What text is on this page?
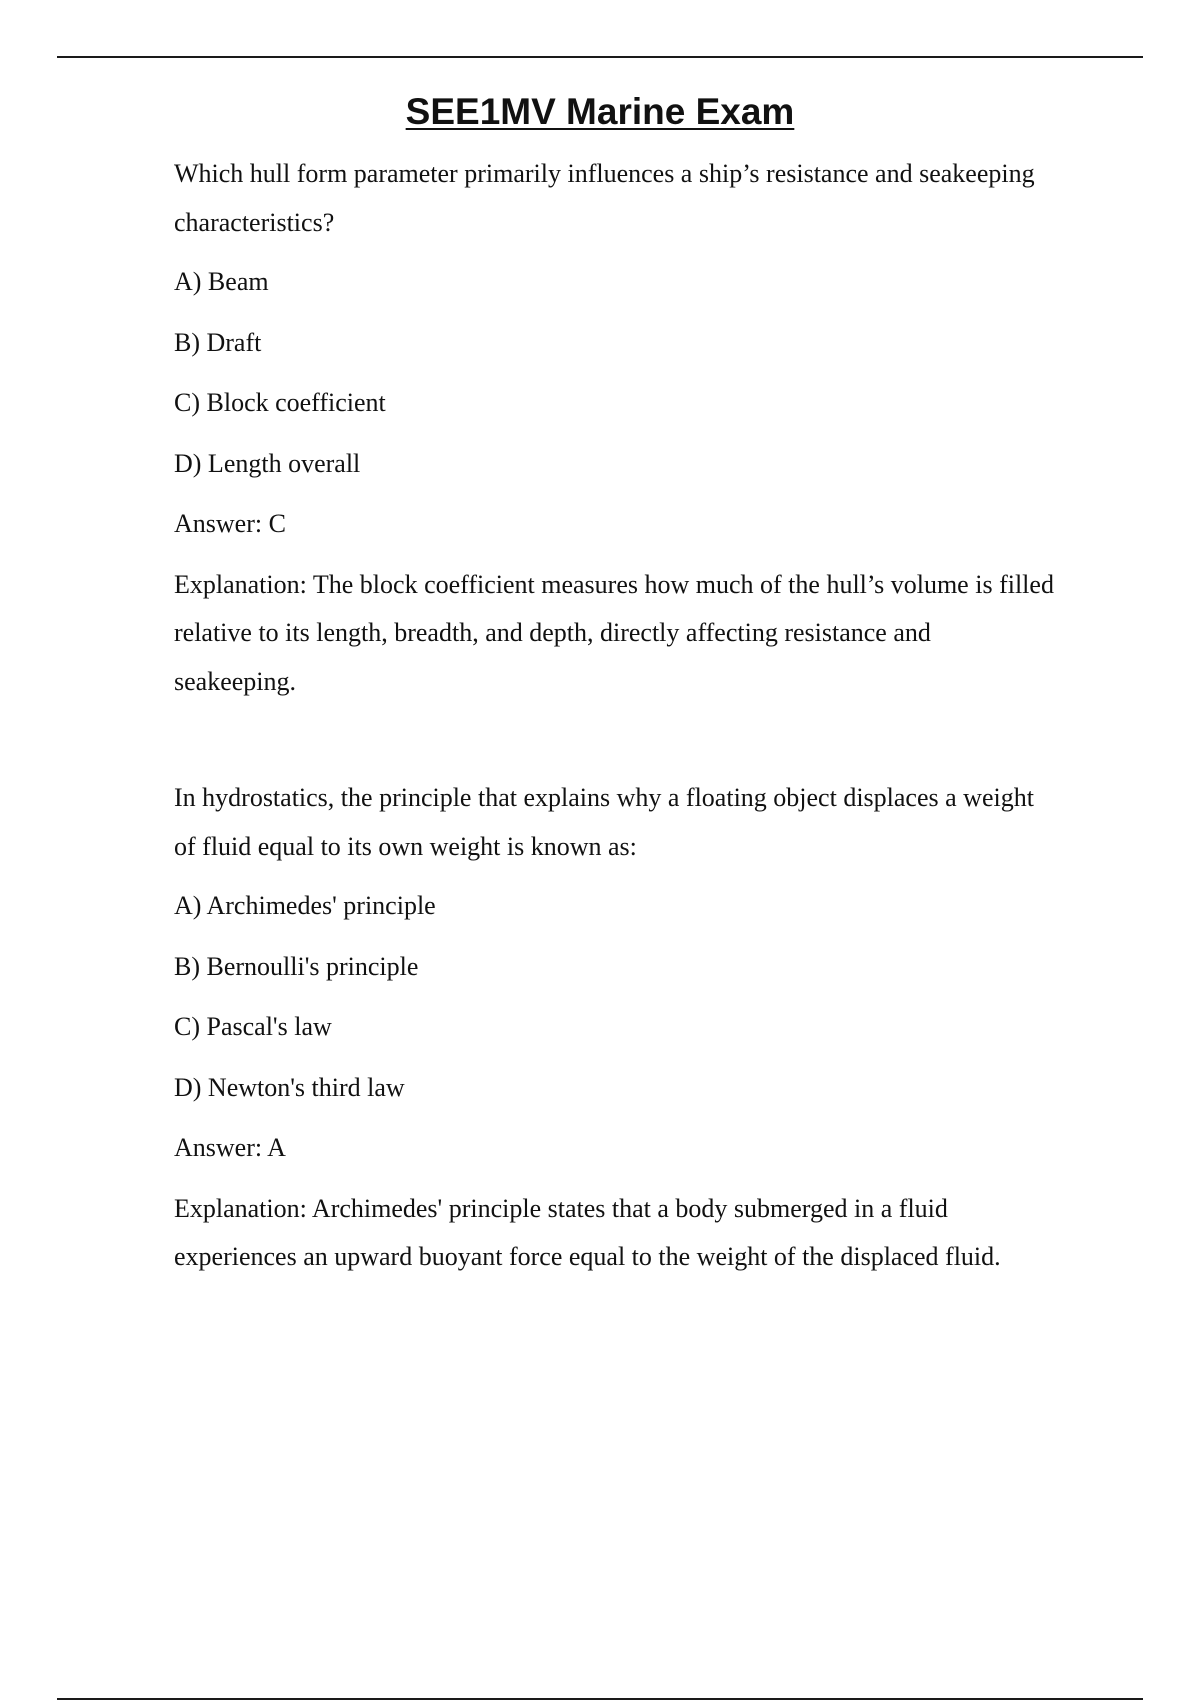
SEE1MV Marine Exam

Which hull form parameter primarily influences a ship’s resistance and seakeeping characteristics?

A) Beam

B) Draft

C) Block coefficient

D) Length overall

Answer: C

Explanation: The block coefficient measures how much of the hull’s volume is filled relative to its length, breadth, and depth, directly affecting resistance and seakeeping.

In hydrostatics, the principle that explains why a floating object displaces a weight of fluid equal to its own weight is known as:

A) Archimedes' principle

B) Bernoulli's principle

C) Pascal's law

D) Newton's third law

Answer: A

Explanation: Archimedes' principle states that a body submerged in a fluid experiences an upward buoyant force equal to the weight of the displaced fluid.
